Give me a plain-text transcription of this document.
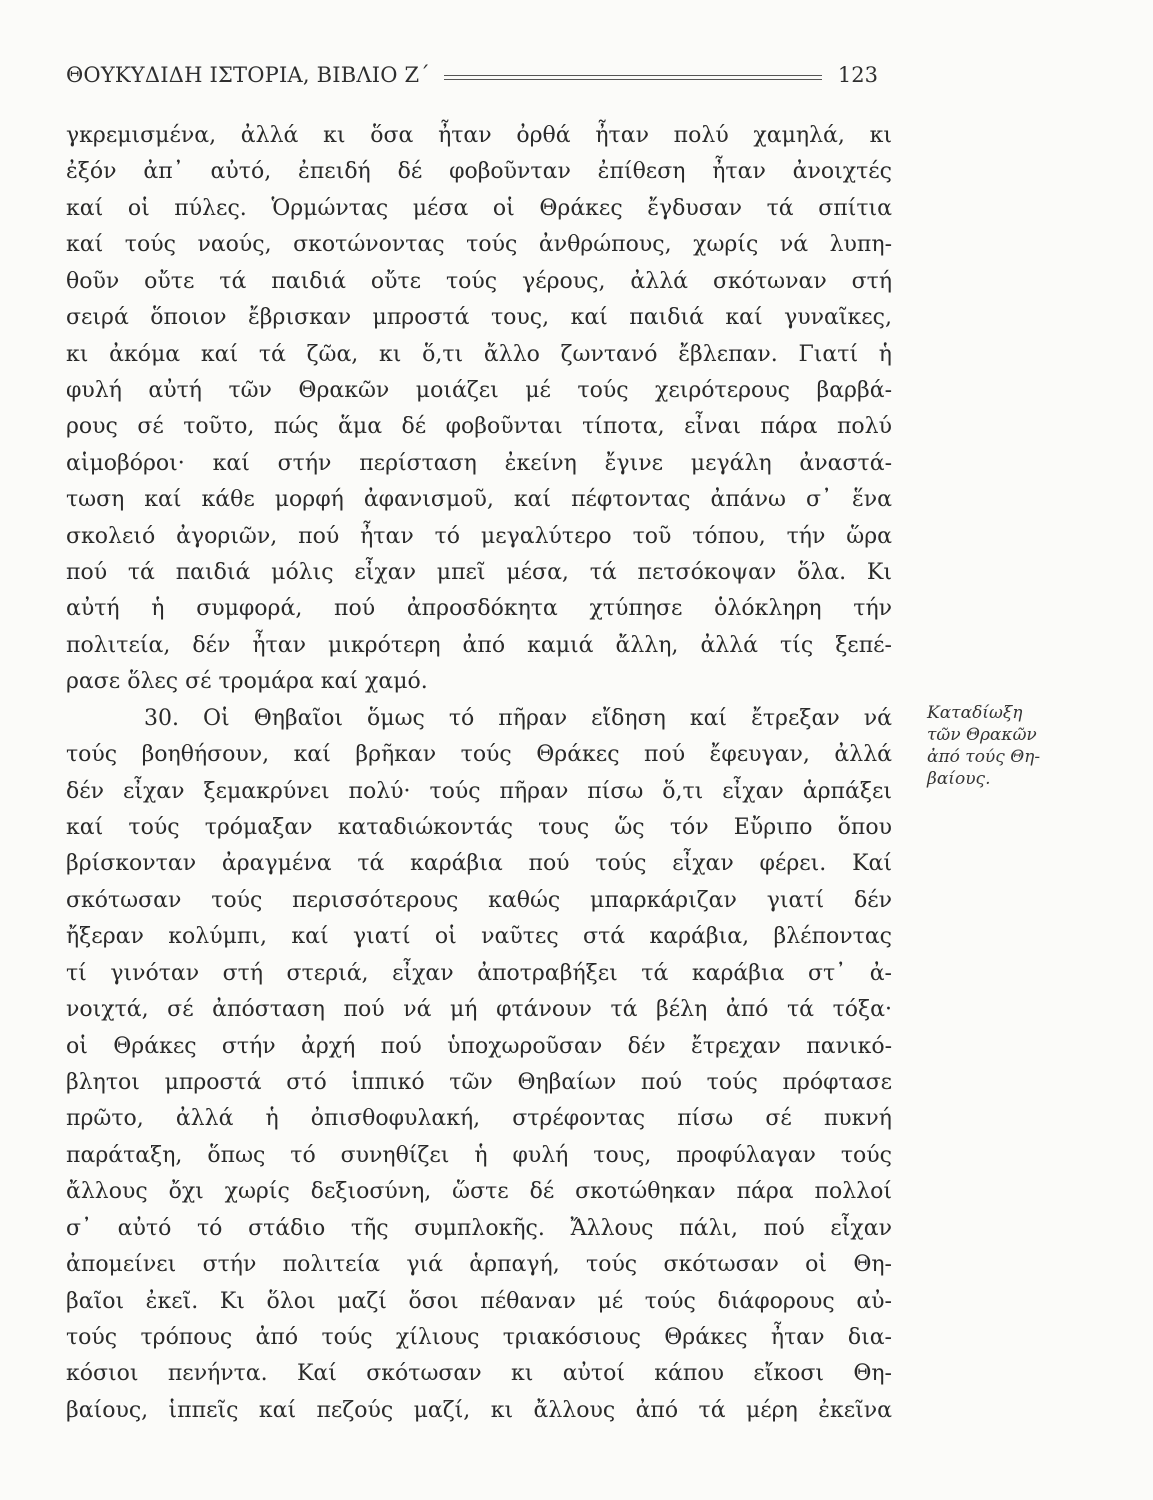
ΘΟΥΚΥΔΙΔΗ ΙΣΤΟΡΙΑ, ΒΙΒΛΙΟ Ζ΄	123
γκρεμισμένα, ἀλλά κι ὅσα ἦταν ὀρθά ἦταν πολύ χαμηλά, κι
ἐξόν ἀπ᾽ αὐτό, ἐπειδή δέ φοβοῦνταν ἐπίθεση ἦταν ἀνοιχτές
καί οἱ πύλες. Ὁρμώντας μέσα οἱ Θράκες ἔγδυσαν τά σπίτια
καί τούς ναούς, σκοτώνοντας τούς ἀνθρώπους, χωρίς νά λυπη-
θοῦν οὔτε τά παιδιά οὔτε τούς γέρους, ἀλλά σκότωναν στή
σειρά ὅποιον ἔβρισκαν μπροστά τους, καί παιδιά καί γυναῖκες,
κι ἀκόμα καί τά ζῶα, κι ὅ,τι ἄλλο ζωντανό ἔβλεπαν. Γιατί ἡ
φυλή αὐτή τῶν Θρακῶν μοιάζει μέ τούς χειρότερους βαρβά-
ρους σέ τοῦτο, πώς ἅμα δέ φοβοῦνται τίποτα, εἶναι πάρα πολύ
αἱμοβόροι· καί στήν περίσταση ἐκείνη ἔγινε μεγάλη ἀναστά-
τωση καί κάθε μορφή ἀφανισμοῦ, καί πέφτοντας ἀπάνω σ᾽ ἕνα
σκολειό ἀγοριῶν, πού ἦταν τό μεγαλύτερο τοῦ τόπου, τήν ὥρα
πού τά παιδιά μόλις εἶχαν μπεῖ μέσα, τά πετσόκοψαν ὅλα. Κι
αὐτή ἡ συμφορά, πού ἀπροσδόκητα χτύπησε ὁλόκληρη τήν
πολιτεία, δέν ἦταν μικρότερη ἀπό καμιά ἄλλη, ἀλλά τίς ξεπέ-
ρασε ὅλες σέ τρομάρα καί χαμό.
30. Οἱ Θηβαῖοι ὅμως τό πῆραν εἴδηση καί ἔτρεξαν νά
τούς βοηθήσουν, καί βρῆκαν τούς Θράκες πού ἔφευγαν, ἀλλά
δέν εἶχαν ξεμακρύνει πολύ· τούς πῆραν πίσω ὅ,τι εἶχαν ἁρπάξει
καί τούς τρόμαξαν καταδιώκοντάς τους ὥς τόν Εὔριπο ὅπου
βρίσκονταν ἀραγμένα τά καράβια πού τούς εἶχαν φέρει. Καί
σκότωσαν τούς περισσότερους καθώς μπαρκάριζαν γιατί δέν
ἤξεραν κολύμπι, καί γιατί οἱ ναῦτες στά καράβια, βλέποντας
τί γινόταν στή στεριά, εἶχαν ἀποτραβήξει τά καράβια στ᾽ ἀ-
νοιχτά, σέ ἀπόσταση πού νά μή φτάνουν τά βέλη ἀπό τά τόξα·
οἱ Θράκες στήν ἀρχή πού ὑποχωροῦσαν δέν ἔτρεχαν πανικό-
βλητοι μπροστά στό ἱππικό τῶν Θηβαίων πού τούς πρόφτασε
πρῶτο, ἀλλά ἡ ὀπισθοφυλακή, στρέφοντας πίσω σέ πυκνή
παράταξη, ὅπως τό συνηθίζει ἡ φυλή τους, προφύλαγαν τούς
ἄλλους ὄχι χωρίς δεξιοσύνη, ὥστε δέ σκοτώθηκαν πάρα πολλοί
σ᾽ αὐτό τό στάδιο τῆς συμπλοκῆς. Ἄλλους πάλι, πού εἶχαν
ἀπομείνει στήν πολιτεία γιά ἁρπαγή, τούς σκότωσαν οἱ Θη-
βαῖοι ἐκεῖ. Κι ὅλοι μαζί ὅσοι πέθαναν μέ τούς διάφορους αὐ-
τούς τρόπους ἀπό τούς χίλιους τριακόσιους Θράκες ἦταν δια-
κόσιοι πενήντα. Καί σκότωσαν κι αὐτοί κάπου εἴκοσι Θη-
βαίους, ἱππεῖς καί πεζούς μαζί, κι ἄλλους ἀπό τά μέρη ἐκεῖνα
Καταδίωξη
τῶν Θρακῶν
ἀπό τούς Θη-
βαίους.
